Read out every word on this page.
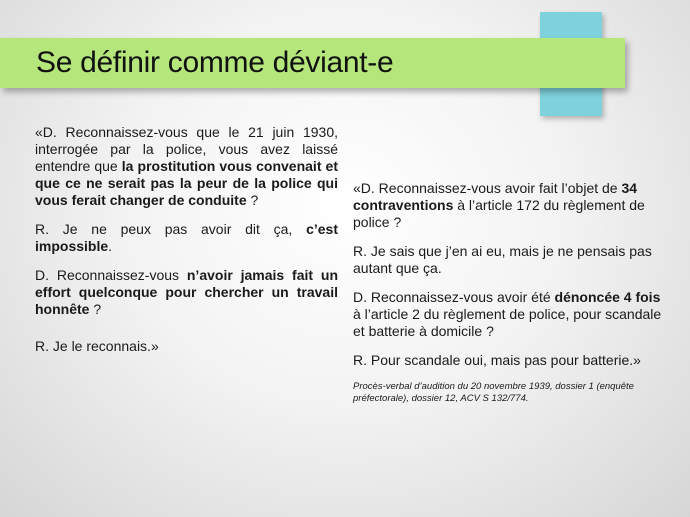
Se définir comme déviant-e

«D. Reconnaissez-vous que le 21 juin 1930, interrogée par la police, vous avez laissé entendre que la prostitution vous convenait et que ce ne serait pas la peur de la police qui vous ferait changer de conduite ?

R. Je ne peux pas avoir dit ça, c’est impossible.

D. Reconnaissez-vous n’avoir jamais fait un effort quelconque pour chercher un travail honnête ?

R. Je le reconnais.»

«D. Reconnaissez-vous avoir fait l’objet de 34 contraventions à l’article 172 du règlement de police ?

R. Je sais que j’en ai eu, mais je ne pensais pas autant que ça.

D. Reconnaissez-vous avoir été dénoncée 4 fois à l’article 2 du règlement de police, pour scandale et batterie à domicile ?

R. Pour scandale oui, mais pas pour batterie.»

Procès-verbal d’audition du 20 novembre 1939, dossier 1 (enquête préfectorale), dossier 12, ACV S 132/774.
